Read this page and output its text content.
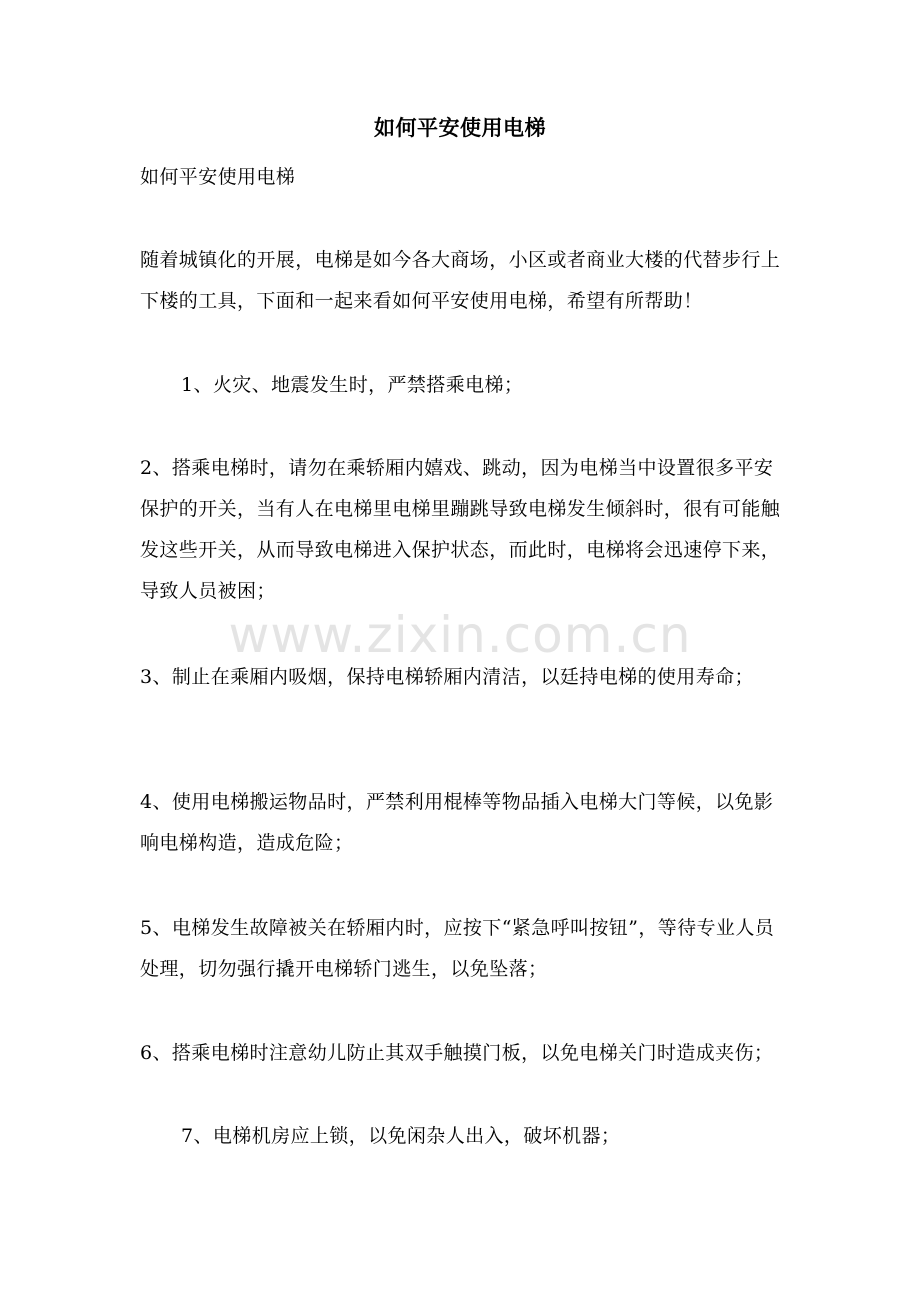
如何平安使用电梯

如何平安使用电梯

随着城镇化的开展，电梯是如今各大商场，小区或者商业大楼的代替步行上下楼的工具，下面和一起来看如何平安使用电梯，希望有所帮助！

1、火灾、地震发生时，严禁搭乘电梯；

2、搭乘电梯时，请勿在乘轿厢内嬉戏、跳动，因为电梯当中设置很多平安保护的开关，当有人在电梯里电梯里蹦跳导致电梯发生倾斜时，很有可能触发这些开关，从而导致电梯进入保护状态，而此时，电梯将会迅速停下来，导致人员被困；

3、制止在乘厢内吸烟，保持电梯轿厢内清洁，以廷持电梯的使用寿命；

4、使用电梯搬运物品时，严禁利用棍棒等物品插入电梯大门等候，以免影响电梯构造，造成危险；

5、电梯发生故障被关在轿厢内时，应按下“紧急呼叫按钮”，等待专业人员处理，切勿强行撬开电梯轿门逃生，以免坠落；

6、搭乘电梯时注意幼儿防止其双手触摸门板，以免电梯关门时造成夹伤；

7、电梯机房应上锁，以免闲杂人出入，破坏机器；

www.zixin.com.cn
